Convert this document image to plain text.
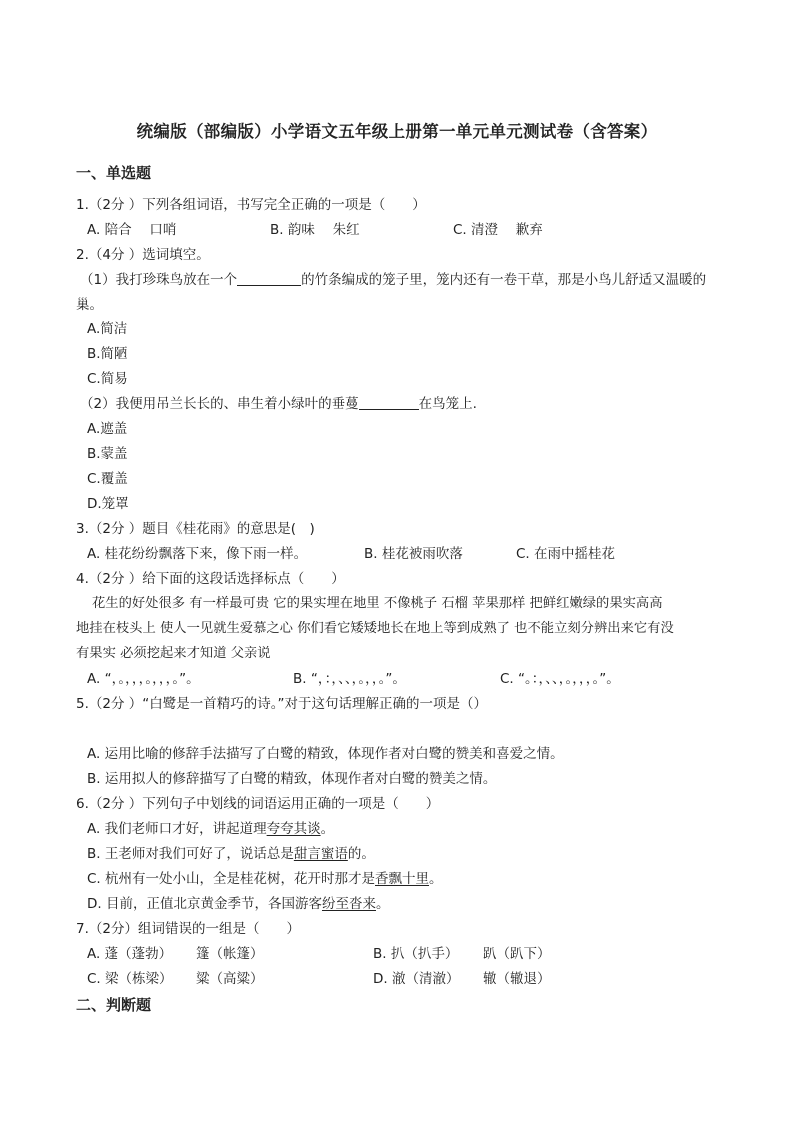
统编版（部编版）小学语文五年级上册第一单元单元测试卷（含答案）
一、单选题
1.（2分 ）下列各组词语，书写完全正确的一项是（　　）
A. 陪合　 口哨	B. 韵味　 朱红	C. 清澄　 歉弃
2.（4分 ）选词填空。
（1）我打珍珠鸟放在一个	的竹条编成的笼子里，笼内还有一卷干草，那是小鸟儿舒适又温暖的
巢。
A.简洁
B.简陋
C.简易
（2）我便用吊兰长长的、串生着小绿叶的垂蔓	在鸟笼上.
A.遮盖
B.蒙盖
C.覆盖
D.笼罩
3.（2分 ）题目《桂花雨》的意思是(　)
A. 桂花纷纷飘落下来，像下雨一样。	B. 桂花被雨吹落	C. 在雨中摇桂花
4.（2分 ）给下面的这段话选择标点（　　）
花生的好处很多 有一样最可贵 它的果实埋在地里 不像桃子 石榴 苹果那样 把鲜红嫩绿的果实高高
地挂在枝头上 使人一见就生爱慕之心 你们看它矮矮地长在地上等到成熟了 也不能立刻分辨出来它有没
有果实 必须挖起来才知道 父亲说
A. “，。，，，。，，，。”。	B. “，：，、、，。，，。”。	C. “。：，、、，。，，，。”。
5.（2分 ）“白鹭是一首精巧的诗。”对于这句话理解正确的一项是（）
A. 运用比喻的修辞手法描写了白鹭的精致，体现作者对白鹭的赞美和喜爱之情。
B. 运用拟人的修辞描写了白鹭的精致，体现作者对白鹭的赞美之情。
6.（2分 ）下列句子中划线的词语运用正确的一项是（　　）
A. 我们老师口才好，讲起道理夸夸其谈。
B. 王老师对我们可好了，说话总是甜言蜜语的。
C. 杭州有一处小山，全是桂花树，花开时那才是香飘十里。
D. 目前，正值北京黄金季节，各国游客纷至沓来。
7.（2分）组词错误的一组是（　　）
A. 蓬（蓬勃） 篷（帐篷）	B. 扒（扒手） 趴（趴下）
C. 梁（栋梁） 粱（高粱）	D. 澈（清澈） 辙（辙退）
二、判断题
